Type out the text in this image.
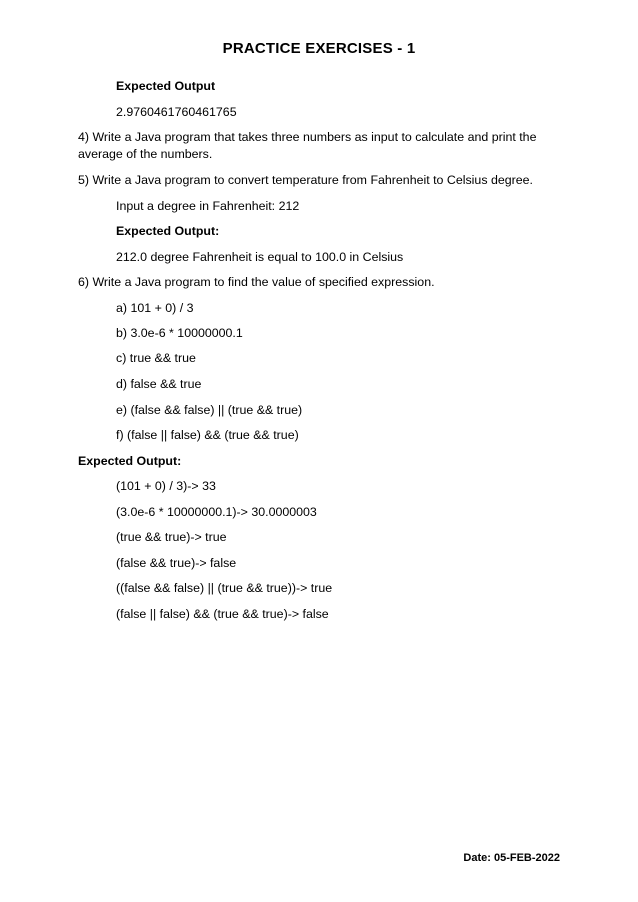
PRACTICE EXERCISES - 1
Expected Output
2.9760461760461765
4) Write a Java program that takes three numbers as input to calculate and print the
average of the numbers.
5) Write a Java program to convert temperature from Fahrenheit to Celsius degree.
Input a degree in Fahrenheit: 212
Expected Output:
212.0 degree Fahrenheit is equal to 100.0 in Celsius
6) Write a Java program to find the value of specified expression.
a) 101 + 0) / 3
b) 3.0e-6 * 10000000.1
c) true && true
d) false && true
e) (false && false) || (true && true)
f) (false || false) && (true && true)
Expected Output:
(101 + 0) / 3)-> 33
(3.0e-6 * 10000000.1)-> 30.0000003
(true && true)-> true
(false && true)-> false
((false && false) || (true && true))-> true
(false || false) && (true && true)-> false
Date: 05-FEB-2022
